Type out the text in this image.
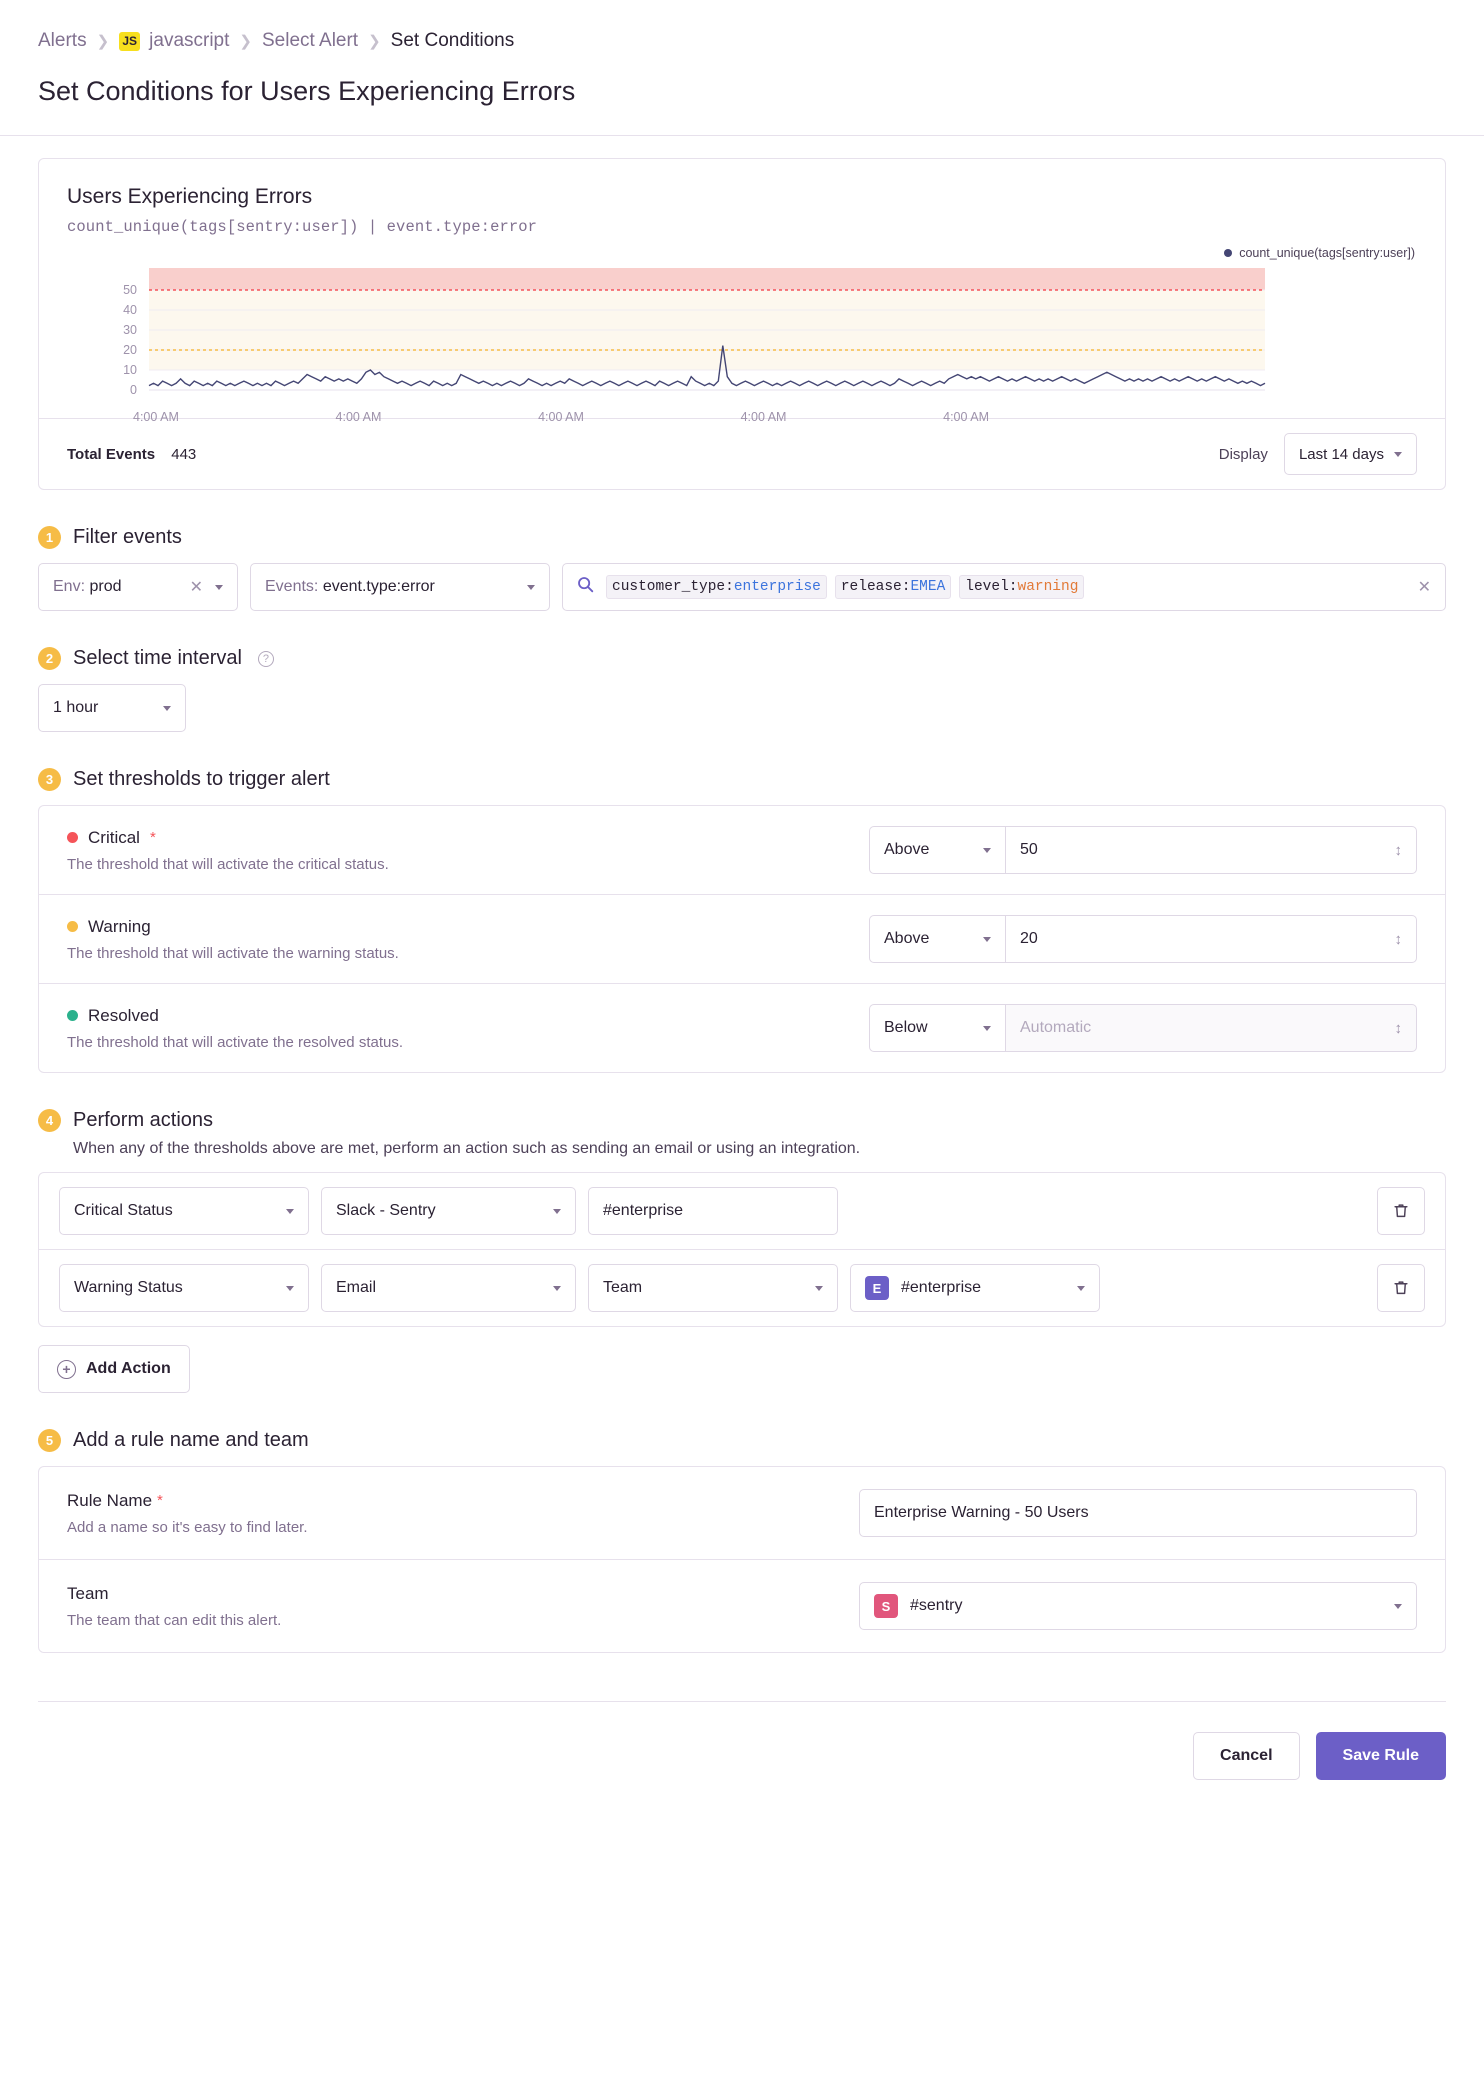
Alerts ❯ JS javascript ❯ Select Alert ❯ Set Conditions
Set Conditions for Users Experiencing Errors
Users Experiencing Errors
count_unique(tags[sentry:user]) | event.type:error
count_unique(tags[sentry:user])
50
40
30
20
10
0
4:00 AM	4:00 AM	4:00 AM	4:00 AM	4:00 AM
Total Events 443	Display Last 14 days
1 Filter events
Env: prod	✕	Events: event.type:error	customer_type:enterprise	release:EMEA	level:warning	✕
2 Select time interval	?
1 hour
3 Set thresholds to trigger alert
Critical *
The threshold that will activate the critical status.
Above	50	↕
Warning
The threshold that will activate the warning status.
Above	20	↕
Resolved
The threshold that will activate the resolved status.
Below	Automatic	↕
4 Perform actions
When any of the thresholds above are met, perform an action such as sending an email or using an integration.
Critical Status	Slack - Sentry	#enterprise
Warning Status	Email	Team	E	#enterprise
+ Add Action
5 Add a rule name and team
Rule Name *
Add a name so it's easy to find later.
Enterprise Warning - 50 Users
Team
The team that can edit this alert.
S	#sentry
Cancel	Save Rule
